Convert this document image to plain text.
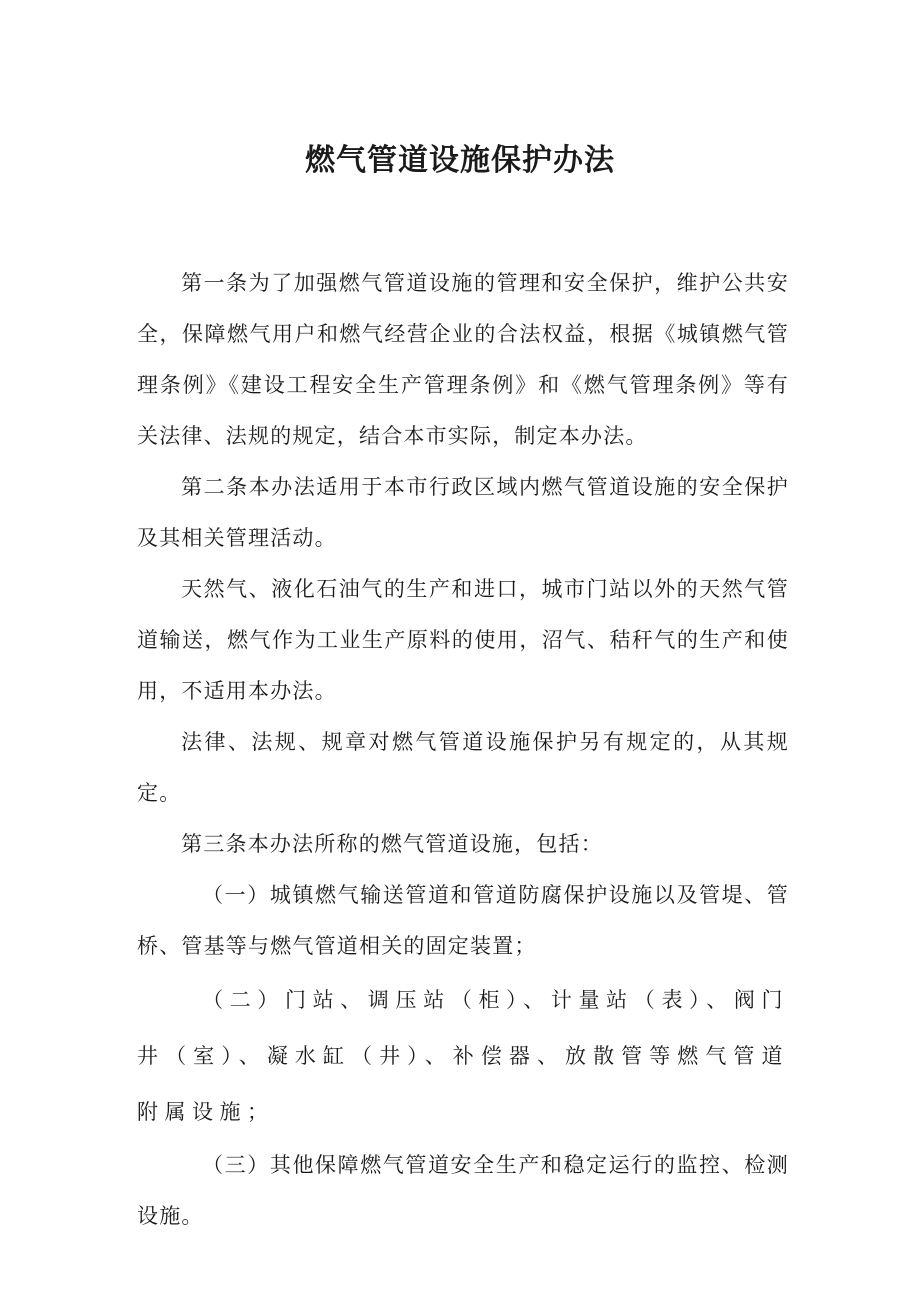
燃气管道设施保护办法

第一条为了加强燃气管道设施的管理和安全保护，维护公共安全，保障燃气用户和燃气经营企业的合法权益，根据《城镇燃气管理条例》《建设工程安全生产管理条例》和《燃气管理条例》等有关法律、法规的规定，结合本市实际，制定本办法。

第二条本办法适用于本市行政区域内燃气管道设施的安全保护及其相关管理活动。

天然气、液化石油气的生产和进口，城市门站以外的天然气管道输送，燃气作为工业生产原料的使用，沼气、秸秆气的生产和使用，不适用本办法。

法律、法规、规章对燃气管道设施保护另有规定的，从其规定。

第三条本办法所称的燃气管道设施，包括：

（一）城镇燃气输送管道和管道防腐保护设施以及管堤、管桥、管基等与燃气管道相关的固定装置；

（二）门站、调压站（柜）、计量站（表）、阀门井（室）、凝水缸（井）、补偿器、放散管等燃气管道附属设施；

（三）其他保障燃气管道安全生产和稳定运行的监控、检测设施。
